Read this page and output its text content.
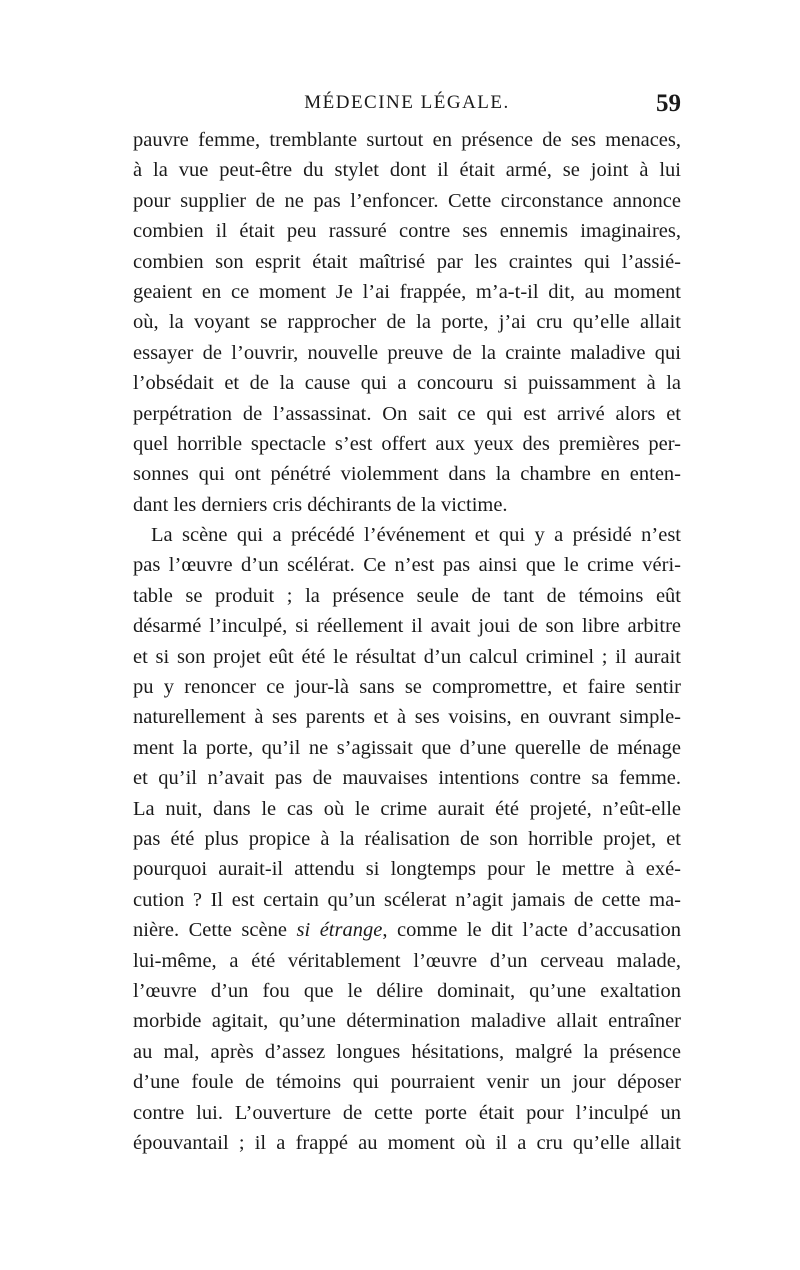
MÉDECINE LÉGALE.	59
pauvre femme, tremblante surtout en présence de ses menaces,
à la vue peut-être du stylet dont il était armé, se joint à lui
pour supplier de ne pas l’enfoncer. Cette circonstance annonce
combien il était peu rassuré contre ses ennemis imaginaires,
combien son esprit était maîtrisé par les craintes qui l’assié-
geaient en ce moment Je l’ai frappée, m’a-t-il dit, au moment
où, la voyant se rapprocher de la porte, j’ai cru qu’elle allait
essayer de l’ouvrir, nouvelle preuve de la crainte maladive qui
l’obsédait et de la cause qui a concouru si puissamment à la
perpétration de l’assassinat. On sait ce qui est arrivé alors et
quel horrible spectacle s’est offert aux yeux des premières per-
sonnes qui ont pénétré violemment dans la chambre en enten-
dant les derniers cris déchirants de la victime.
La scène qui a précédé l’événement et qui y a présidé n’est
pas l’œuvre d’un scélérat. Ce n’est pas ainsi que le crime véri-
table se produit ; la présence seule de tant de témoins eût
désarmé l’inculpé, si réellement il avait joui de son libre arbitre
et si son projet eût été le résultat d’un calcul criminel ; il aurait
pu y renoncer ce jour-là sans se compromettre, et faire sentir
naturellement à ses parents et à ses voisins, en ouvrant simple-
ment la porte, qu’il ne s’agissait que d’une querelle de ménage
et qu’il n’avait pas de mauvaises intentions contre sa femme.
La nuit, dans le cas où le crime aurait été projeté, n’eût-elle
pas été plus propice à la réalisation de son horrible projet, et
pourquoi aurait-il attendu si longtemps pour le mettre à exé-
cution ? Il est certain qu’un scélerat n’agit jamais de cette ma-
nière. Cette scène si étrange, comme le dit l’acte d’accusation
lui-même, a été véritablement l’œuvre d’un cerveau malade,
l’œuvre d’un fou que le délire dominait, qu’une exaltation
morbide agitait, qu’une détermination maladive allait entraîner
au mal, après d’assez longues hésitations, malgré la présence
d’une foule de témoins qui pourraient venir un jour déposer
contre lui. L’ouverture de cette porte était pour l’inculpé un
épouvantail ; il a frappé au moment où il a cru qu’elle allait
